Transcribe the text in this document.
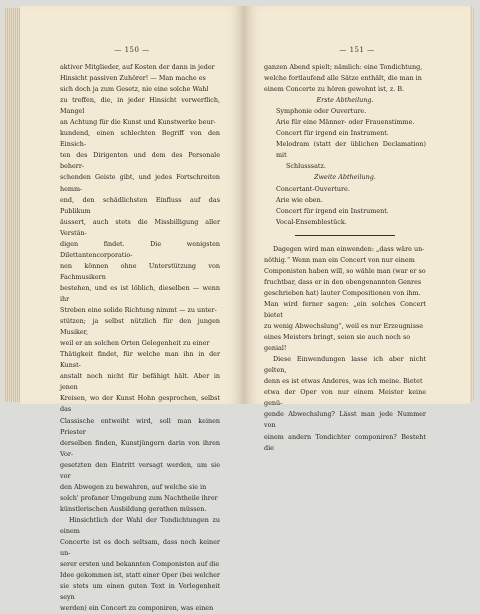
— 150 —

aktiver Mitglieder, auf Kosten der dann in jeder

Hinsicht passiven Zuhörer! — Man mache es

sich doch ja zum Gesetz, nie eine solche Wahl

zu treffen, die, in jeder Hinsicht verwerflich, Mangel

an Achtung für die Kunst und Kunstwerke beur-

kundend, einen schlechten Begriff von den Einsich-

ten des Dirigenten und dem des Personale beherr-

schenden Geiste gibt, und jedes Fortschreiten hemm-

end, den schädlichsten Einfluss auf das Publikum

äussert, auch stets die Missbilligung aller Verstän-

digen findet. Die wenigsten Dilettantencorporatio-

nen können ohne Unterstützung von Fachmusikern

bestehen, und es ist löblich, dieselben — wenn ihr

Streben eine solide Richtung nimmt — zu unter-

stützen; ja selbst nützlich für den jungen Musiker,

weil er an solchen Orten Gelegenheit zu einer

Thätigkeit findet, für welche man ihn in der Kunst-

anstalt noch nicht für befähigt hält. Aber in jenen

Kreisen, wo der Kunst Hohn gesprochen, selbst das

Classische entweiht wird, soll man keinen Priester

derselben finden, Kunstjüngern darin von ihren Vor-

gesetzten den Eintritt versagt werden, um sie vor

den Abwegen zu bewahren, auf welche sie in

solch' profaner Umgebung zum Nachtheile ihrer

künstlerischen Ausbildung gerathen müssen.

Hinsichtlich der Wahl der Tondichtungen zu einem

Concerte ist es doch seltsam, dass noch keiner un-

serer ersten und bekannten Componisten auf die

Idee gekommen ist, statt einer Oper (bei welcher

sie stets um einen guten Text in Verlegenheit seyn

werden) ein Concert zu componiren, was einen

— 151 —

ganzen Abend spielt; nämlich: eine Tondichtung,

welche fortlaufend alle Sätze enthält, die man in

einem Concerte zu hören gewohnt ist, z. B.

Erste Abtheilung.

Symphonie oder Ouverture.

Arie für eine Männer- oder Frauenstimme.

Concert für irgend ein Instrument.

Melodram (statt der üblichen Declamation) mit

Schlusssatz.

Zweite Abtheilung.

Concertant-Ouverture.

Arie wie oben.

Concert für irgend ein Instrument.

Vocal-Ensemblestück.

Dagegen wird man einwenden: „dass wäre un-

nöthig.“ Wenn man ein Concert von nur einem

Componisten haben will, so wähle man (war er so

fruchtbar, dass er in den obengenannten Genres

geschrieben hat) lauter Compositionen von ihm.

Man wird ferner sagen: „ein solches Concert bietet

zu wenig Abwechslung“, weil es nur Erzeugnisse

eines Meisters bringt, seien sie auch noch so

genial!

Diese Einwendungen lasse ich aber nicht gelten,

denn es ist etwas Anderes, was ich meine. Bietet

etwa der Oper von nur einem Meister keine genü-

gende Abwechslung? Lässt man jede Nummer von

einem andern Tondichter componiren? Besteht die
